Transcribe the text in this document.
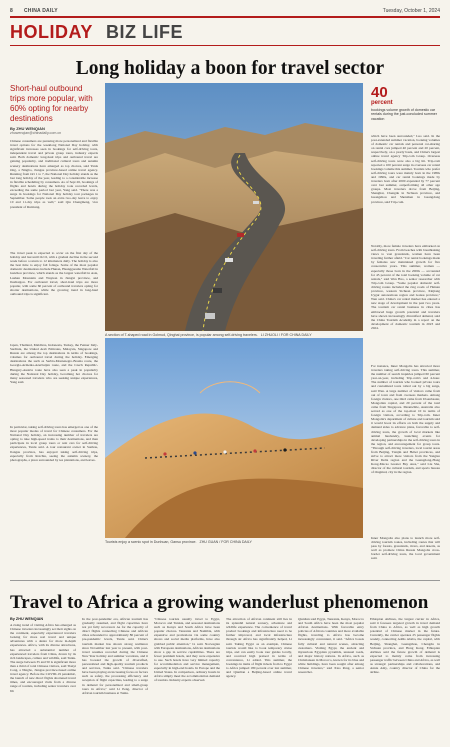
8 CHINA DAILY	Tuesday, October 1, 2024
HOLIDAY BIZ LIFE
Long holiday a boon for travel sector
Short-haul outbound trips more popular, with 60% opting for nearby destinations
By ZHU WENQIAN
zhuwenqian@chinadaily.com.cn
Chinese consumers are pursuing more personalized and flexible travel options for the weeklong National Day holiday, with significant increases seen in bookings for self-driving tours, independent travel and private group tours, industry experts said. Both domestic long-haul trips and outbound travel are gaining popularity, and traditional cultural tours and autumn scenery destinations have emerged as top choices, said Yanis Ong, a Ningbo, Jiangsu province-based online travel agency. Running from Oct 1 to 7, the National Day holiday stands as the last long holiday of the year, leading to a considerable increase in flexible scheduling by consumers. As of Sept 26, bookings of flights and hotels during the holiday took recorded levels, exceeding the same period last year, Yang said. "There was a surge in bookings for National Day holiday tour packages in September. Some people took an extra two-day leave to enjoy 10 and 11-day trips as well," said Qiu Chengmeng, vice president of Ruixiang.
The travel peak is expected to occur on the first day of the holiday and last until Oct 6, with a gradual decline in the second week before a return to 12 kilometers daily. The holiday is also the best time to enjoy fall foliage. Some of the most popular domestic destinations include Hunan, Huangguoshu Waterfall in Guizhou province, which stands as the largest waterfall in Asia, Lushan Mountain and Wuyuan in Jiangxi province, and Jiuzhaigou. For outbound travel, short-haul trips are more popular, with some 60 percent of outbound travelers opting for shorter destinations, while the growing trend in long-haul outbound trips is significant.
Japan, Thailand, Maldives, Indonesia, Turkey, the Fenner Italy-Sardinia, the United Arab Emirates, Malaysia, Singapore and Russia are among the top destinations in terms of bookings, volumes for outbound travel during the holiday. Emerging destinations the such as Serbia-Montenegro-Bosnia route, the Georgia-Armenia-Azerbaijan route, and the Czech Republic-Hungary-Austria route have also seen a peak in popularity during the National Day holiday, becoming hot choices for many seasoned travelers who are seeking unique experiences, Yang said.
In particular, taking self-driving tours has emerged as one of the most popular modes of travel for Chinese consumers. For the National Day holiday, an increasing number of travelers are opting to take high-speed trains to their destinations, and then participate in local group tours or rent cars for self-driving experiences, Tuniu said. A tour restaurant owner in Suzhou, Jiangsu province, has enjoyed taking self-driving trips, especially from Rotchia, seeing the autumn scenery, the photographs, a place surrounded by tea plantations, and leaves.
A section of T-shaped road in Golmud, Qinghai province, is popular among self-driving travelers. LI ZHUOLI / FOR CHINA DAILY
Tourists enjoy a scenic spot in Dunhuan, Gansu province. ZHU GUAN / FOR CHINA DAILY
40
percent
bookings volume growth of domestic car rentals during the just-concluded summer vacation
which have been surrounded," Luo said. In the post-extended summer vacation, booking volumes of domestic car rentals and personal car-sharing on rental cars jumped 40 percent and 20 percent, respectively, on a yearly basis, and China's largest online travel agency Trip.com Group. Overseas self-driving tours were also a big hit. Trip.com reported a 100 percent surge in overseas car rental bookings volume this summer. Tourists who prefer self-driving tours were mainly born in the 1980s and 1990s, and car rental bookings made by travelers born after 2000 expanded by 77 percent over last summer, outperforming all other age groups. Most travelers drove from Beijing, Shanghai, Chengdu in Sichuan province, and Guangzhou and Shenzhen in Guangdong province, said Trip.com.
Notably, more female travelers have embarked on self-driving tours. From beaches with breathtaking views to vast grasslands, women have been traveling further afield. "Car rental bookings made by females saw maintained growth for five consecutive years. This summer, women — especially those born in the 2000s — accounted for 45 percent of the total booking volume of car rentals," said Wen Hao, a senior researcher with Trip.com Group. "Some popular domestic self-driving routes included the ring roads of Hainan province, western Sichuan province, Xinjiang Uygur autonomous region and Gansu province," Wen said. China's car rental market has entered a new stage of development in the past two years. The tourism car rental business in cities has embraced huge growth potential and travelers have shown increasingly diversified demand, said the China Tourism Academy in a report on the development of domestic tourism in 2023 and 2024.
For instance, Inner Mongolia has attracted more travelers taking self-driving tours. This summer, the number of search inquiries jumped 60 percent year-on-year, including Trip.com's and 4-hour. The number of tourists who booked private tours and customized tours rolled out by a big surge, said Wen. A large number of visitors came from out of town and from overseas markets. Among foreign visitors, one third came from Ulaanbaatar, Mongolian capital, and 20 percent of the total came from Singapore. Meanwhile, Australia also served as one of the top-most 10 in terms of foreign visitors, according to Trip.com. Inner Mongolia's department of culture and tourism said it would boost its efforts on both the supply and demand sides to advance plans, favorable to self-driving tours, the growth of local markets like animal husbandry, launching events for developing partnerships in the self-driving tours in the region, and encouragement for group tours. "Through self-driving travelers, local tourist areas from Beijing, Tianjin and Hebei provinces, and strive to attract more visitors from the Yangtze River Delta region and the Guangdong-Hong Kong-Macao Greater Bay Area," said Liu Sha, director of the cultural tourism, and sports bureau of Ongniud, city in the region.
Inner Mongolia also plans to launch more self-driving tourism routes, including routes that will pass by forests, grasslands, rivers, and deserts, as well as promote China Russia Mongolia cross-border self-driving tours, the local government said.
Travel to Africa a growing wanderlust phenomenon
By ZHU WENQIAN
A rising trend of visiting Africa has emerged as Chinese travelers increasingly set their sights on the continent, especially experienced travelers looking for more real travel and unique adventures with a desire for more in-depth experiences. Africa, with its diverse attractions, has attracted a substantial number of experienced travelers from China, drawn by its rich landscapes, culture and wildlife, said Tuniu. The surge between 35 and 50 is significant more than a third of total Chinese visitors, said Tianyi Cong, a Ningbo, Jiangsu province-based online travel agency. Before the COVID-19 pandemic, the launch of new direct flights shortened travel times, and encouraged visits from a diverse range of tourists, including senior travelers over 60.
In the post-pandemic era, African tourism has gradually resumed, and flight capacities have not yet fully recovered. As for the capacity of direct flights connecting Chinese and African cities rebounded to approximately 80 percent of pre-pandemic levels, Tuniu said. China's tourism market has shown strong resilience since November last year to present, with post-travel resumes recorded during the Chinese New Year holiday and summer vacations, and it has boosted the growth of diversified, personalized and high-quality tourism products and services, Tuniu said. "Chinese travelers have been playing an increasing focus on factors such as safety, the processing efficiency and reception of flight capacities, leading to a surge in demand for personalized and small-group tours in Africa," said Li Peng, director of African tourism business at Tuniu.
"Chinese tourists usually travel to Egypt, Morocco and Tunisia, and seasonal destinations such as Kenya and South Africa have been popular choices. Tanzania and Namibia, with expensive and promotions via some country shows and social media platforms, have also grabbed public attention," Li said. Norwegian with European destinations, African destinations show a gap in service capabilities. There are fewer premium hotels, and they were expensive to use. Such hotels have very limited capacity for accommodation and service management, especially in high-end hotels. In Europe and the United States. In comparison, ordinary hotels in Africa simply meet the accommodation demand of tourists. Industry experts observed.
The attraction of African continent still lies in its splendid natural scenery, adventure and wildlife experience. The convenience of travel product bookings and infrastructure need to be further improved, and local infrastructure through air Africa has significantly helped, Li said. Taking Egypt as an example, Chinese tourists would like to book temporary cruise trips, and can easily book tour guides locally, and received high praised in terms of convenience, Li added. This summer, the bookings in items of flight tickets from to Egypt to Africa jumped 180 percent over last summer, and Qianlian a Beijing-based online travel agency.
Qianlian said Egypt, Tanzania, Kenya, Morocco and South Africa have been the most popular African destinations. With favorable entry policies of African countries and more available flights, traveling to Africa has become increasingly convenient, it said. "Africa boasts fully cultural and natural scenes, attracting customers. Visiting Egypt, the ancient and mysterious Egyptian pyramids, unusual roads, and major history nations. In Africa, such as Christiansen in Morocco, known for its blue and white buildings, have been sought after among Chinese travelers," said Xiao Peng, a senior researcher.
Ethiopian Airlines, the largest carrier in Africa, said it foresees targeted growth in travel demand from China to Africa, as well as high growth potential of Chinese market in the future. Currently, the carrier operates 25 passenger flights weekly, connecting Addis Ababa, the capital, with Beijing, Shanghai, Guangzhou, Chengdu in Sichuan province, and Hong Kong. Ethiopian Airlines said the future growth of demand is expected to mainly come from increasing passenger traffic between China and Africa, as well as strategic partnerships and collaborations, and Annie Amy, country director of China for the airline.
